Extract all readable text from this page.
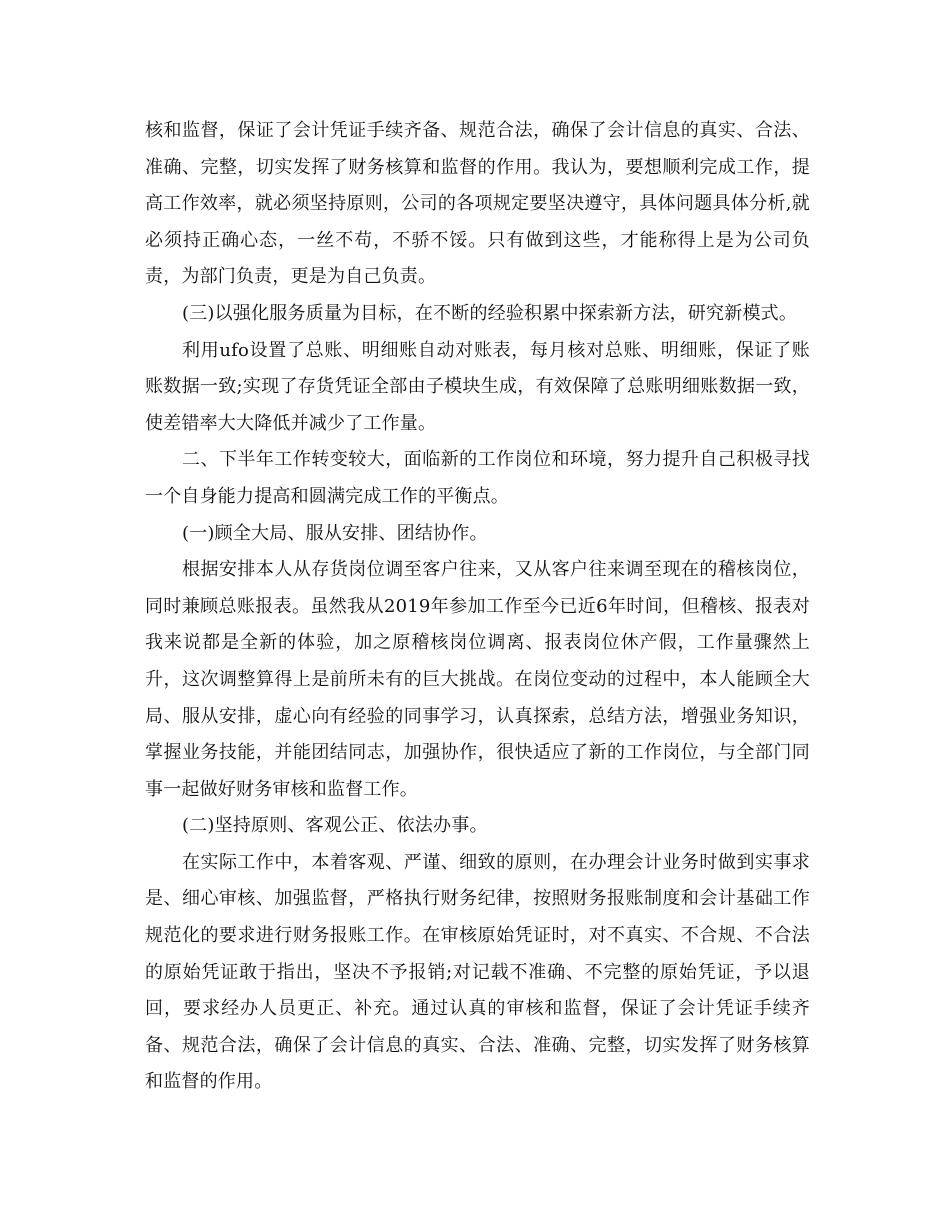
核和监督，保证了会计凭证手续齐备、规范合法，确保了会计信息的真实、合法、准确、完整，切实发挥了财务核算和监督的作用。我认为，要想顺利完成工作，提高工作效率，就必须坚持原则，公司的各项规定要坚决遵守，具体问题具体分析,就必须持正确心态，一丝不苟，不骄不馁。只有做到这些，才能称得上是为公司负责，为部门负责，更是为自己负责。

(三)以强化服务质量为目标，在不断的经验积累中探索新方法，研究新模式。

利用ufo设置了总账、明细账自动对账表，每月核对总账、明细账，保证了账账数据一致;实现了存货凭证全部由子模块生成，有效保障了总账明细账数据一致，使差错率大大降低并减少了工作量。

二、下半年工作转变较大，面临新的工作岗位和环境，努力提升自己积极寻找一个自身能力提高和圆满完成工作的平衡点。

(一)顾全大局、服从安排、团结协作。

根据安排本人从存货岗位调至客户往来，又从客户往来调至现在的稽核岗位，同时兼顾总账报表。虽然我从2019年参加工作至今已近6年时间，但稽核、报表对我来说都是全新的体验，加之原稽核岗位调离、报表岗位休产假，工作量骤然上升，这次调整算得上是前所未有的巨大挑战。在岗位变动的过程中，本人能顾全大局、服从安排，虚心向有经验的同事学习，认真探索，总结方法，增强业务知识，掌握业务技能，并能团结同志，加强协作，很快适应了新的工作岗位，与全部门同事一起做好财务审核和监督工作。

(二)坚持原则、客观公正、依法办事。

在实际工作中，本着客观、严谨、细致的原则，在办理会计业务时做到实事求是、细心审核、加强监督，严格执行财务纪律，按照财务报账制度和会计基础工作规范化的要求进行财务报账工作。在审核原始凭证时，对不真实、不合规、不合法的原始凭证敢于指出，坚决不予报销;对记载不准确、不完整的原始凭证，予以退回，要求经办人员更正、补充。通过认真的审核和监督，保证了会计凭证手续齐备、规范合法，确保了会计信息的真实、合法、准确、完整，切实发挥了财务核算和监督的作用。
